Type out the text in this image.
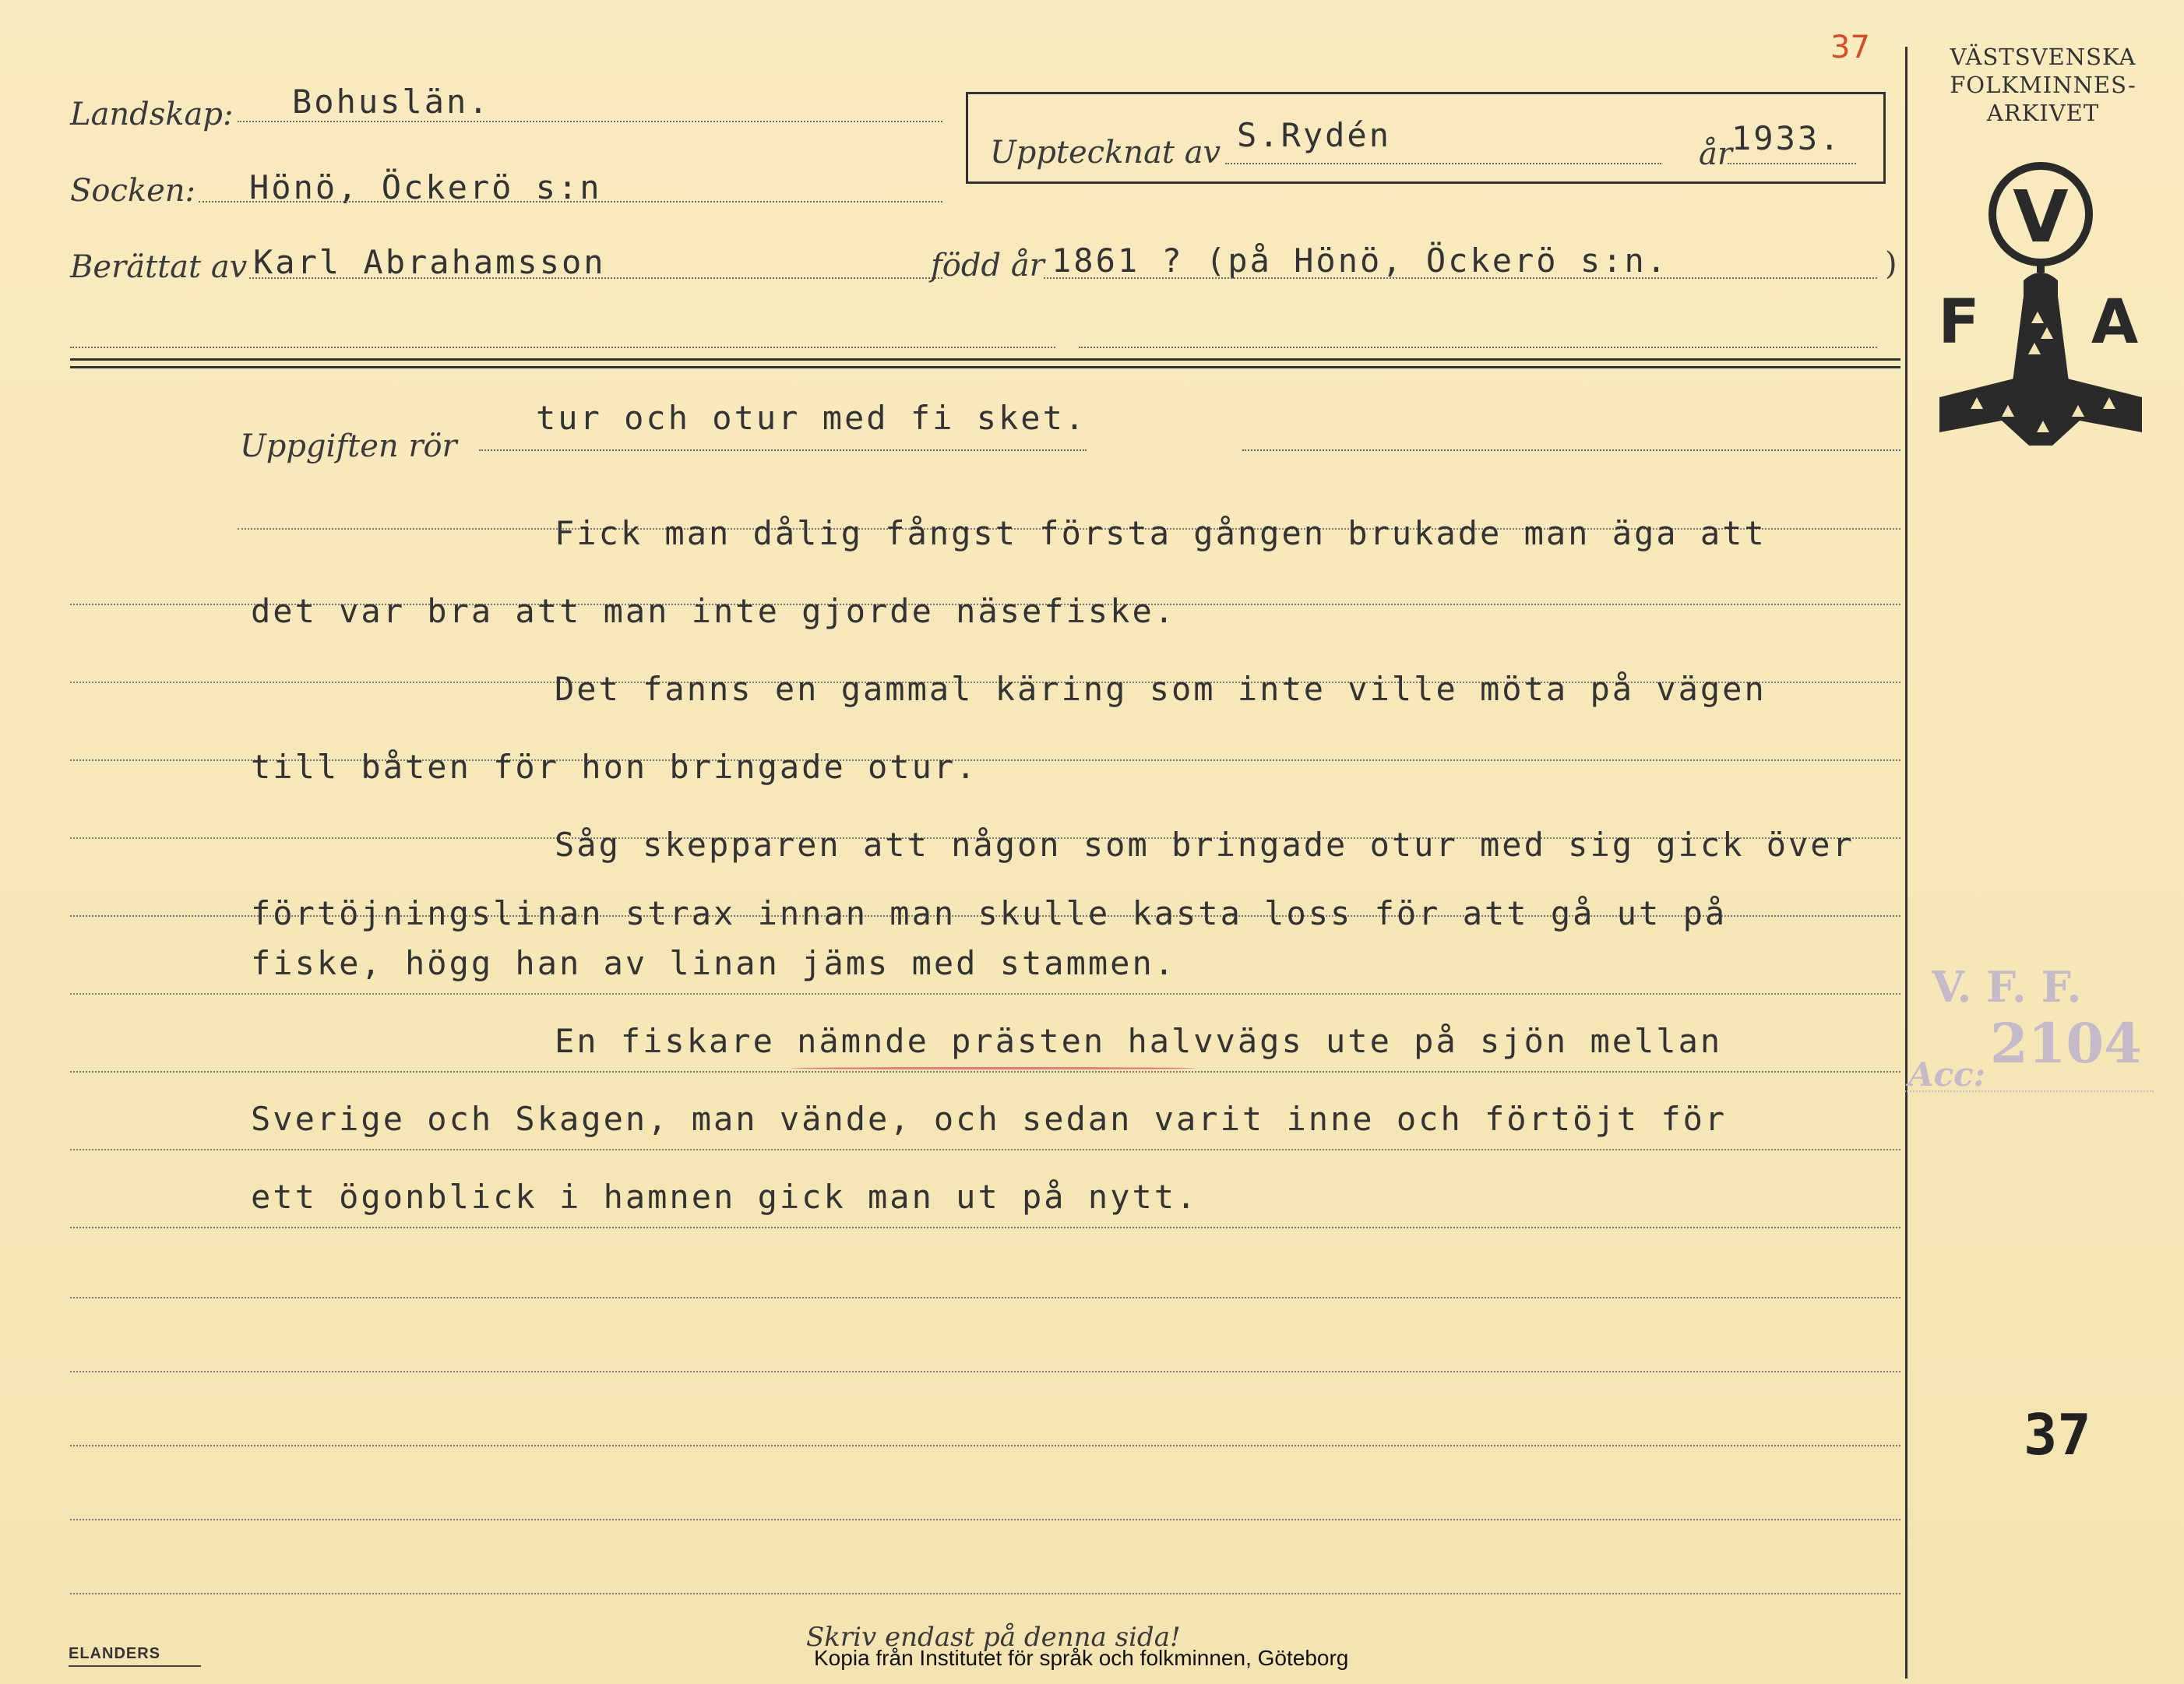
37
Landskap: Bohuslän.
Socken: Hönö, Öckerö s:n
Berättat av Karl Abrahamsson	född år 1861 ? (på Hönö, Öckerö s:n.	)
Uppteckna​t av S.Rydén	år 1933.
VÄSTSVENSKA
FOLKMINNES-
ARKIVET
V
F A
Uppgiften rör
tur och otur med fi sket.
Fick man dålig fångst första gången brukade man äga att
det var bra att man inte gjorde näsefiske.
Det fanns en gammal käring som inte ville möta på vägen
till båten för hon bringade otur.
Såg skepparen att någon som bringade otur med sig gick över
förtöjningslinan strax innan man skulle kasta loss för att gå ut på
fiske, högg han av linan jäms med stammen.
En fiskare nämnde prästen halvvägs ute på sjön mellan
Sverige och Skagen, man vände, och sedan varit inne och förtöjt för
ett ögonblick i hamnen gick man ut på nytt.
V. F. F.
2104
Acc:
37
Skriv endast på denna sida!
ELANDERS	Kopia från Institutet för språk och folkminnen, Göteborg
